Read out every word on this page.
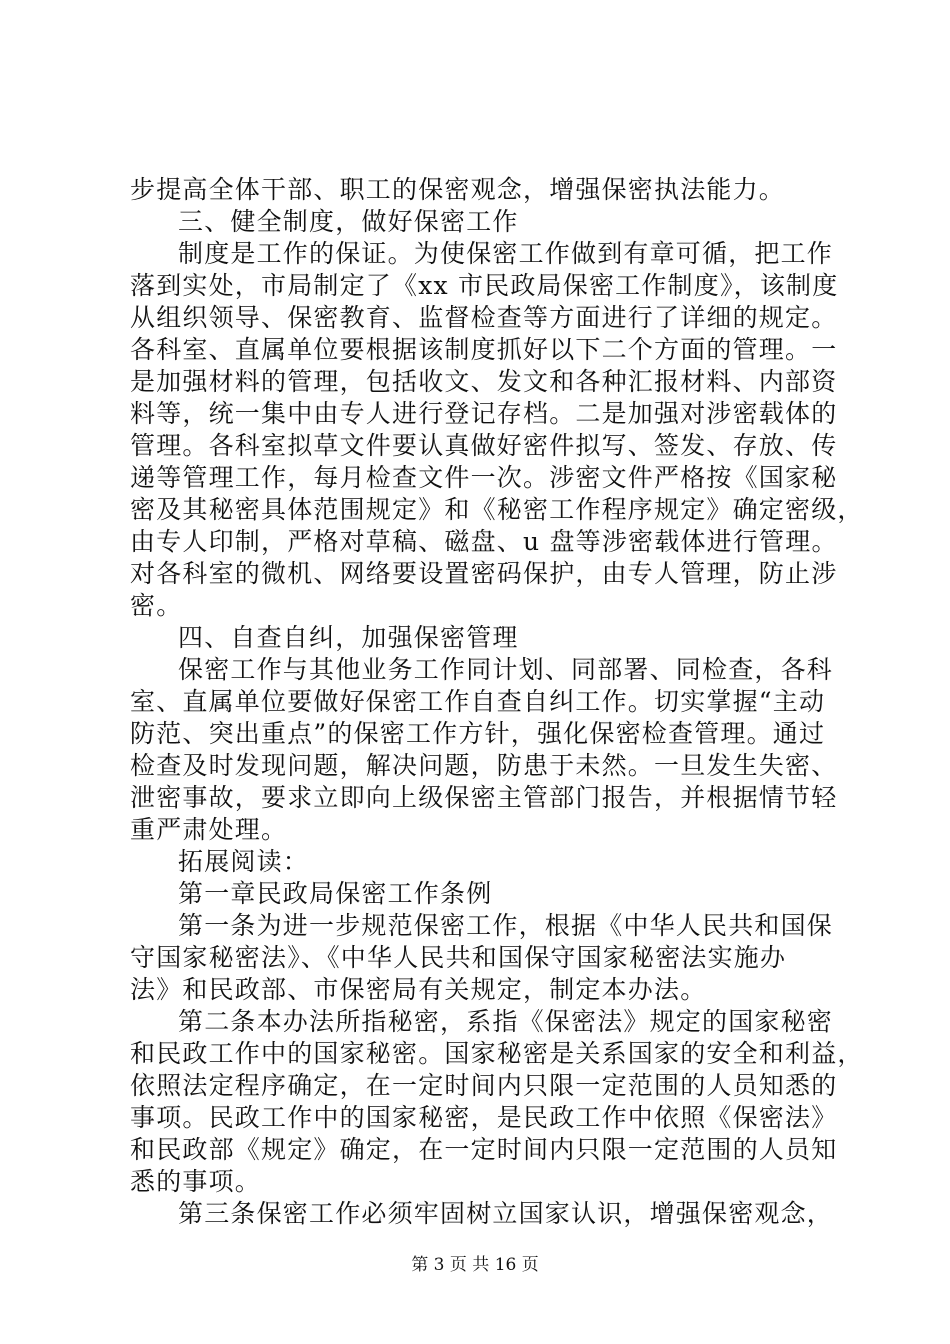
步提高全体干部、职工的保密观念，增强保密执法能力。
三、健全制度，做好保密工作
制度是工作的保证。为使保密工作做到有章可循，把工作
落到实处，市局制定了《xx 市民政局保密工作制度》，该制度
从组织领导、保密教育、监督检查等方面进行了详细的规定。
各科室、直属单位要根据该制度抓好以下二个方面的管理。一
是加强材料的管理，包括收文、发文和各种汇报材料、内部资
料等，统一集中由专人进行登记存档。二是加强对涉密载体的
管理。各科室拟草文件要认真做好密件拟写、签发、存放、传
递等管理工作，每月检查文件一次。涉密文件严格按《国家秘
密及其秘密具体范围规定》和《秘密工作程序规定》确定密级，
由专人印制，严格对草稿、磁盘、u 盘等涉密载体进行管理。
对各科室的微机、网络要设置密码保护，由专人管理，防止涉
密。
四、自查自纠，加强保密管理
保密工作与其他业务工作同计划、同部署、同检查，各科
室、直属单位要做好保密工作自查自纠工作。切实掌握“主动
防范、突出重点”的保密工作方针，强化保密检查管理。通过
检查及时发现问题，解决问题，防患于未然。一旦发生失密、
泄密事故，要求立即向上级保密主管部门报告，并根据情节轻
重严肃处理。
拓展阅读：
第一章民政局保密工作条例
第一条为进一步规范保密工作，根据《中华人民共和国保
守国家秘密法》、《中华人民共和国保守国家秘密法实施办
法》和民政部、市保密局有关规定，制定本办法。
第二条本办法所指秘密，系指《保密法》规定的国家秘密
和民政工作中的国家秘密。国家秘密是关系国家的安全和利益，
依照法定程序确定，在一定时间内只限一定范围的人员知悉的
事项。民政工作中的国家秘密，是民政工作中依照《保密法》
和民政部《规定》确定，在一定时间内只限一定范围的人员知
悉的事项。
第三条保密工作必须牢固树立国家认识，增强保密观念，
第 3 页 共 16 页
